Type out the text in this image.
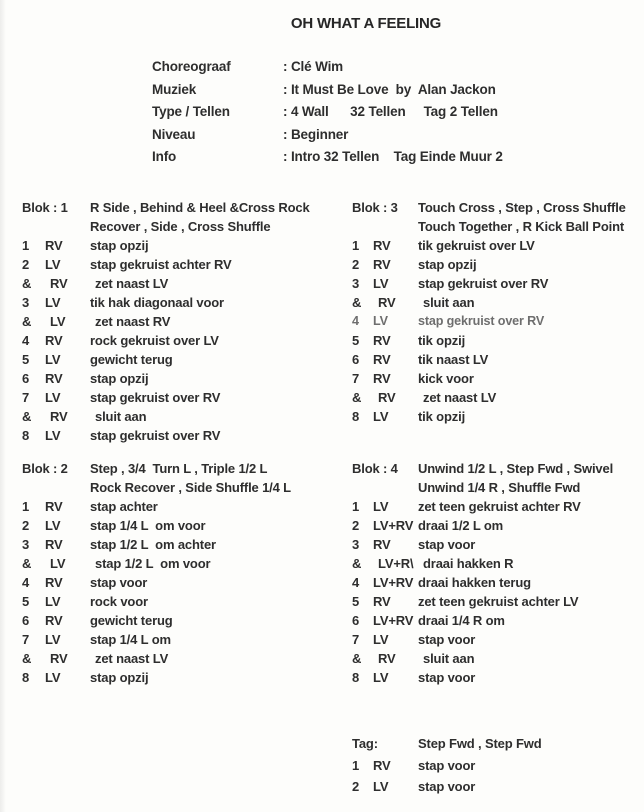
OH WHAT A FEELING
Choreograaf	: Clé Wim
Muziek	: It Must Be Love  by  Alan Jackon
Type / Tellen	: 4 Wall      32 Tellen     Tag 2 Tellen
Niveau	: Beginner
Info	: Intro 32 Tellen    Tag Einde Muur 2
Blok : 1	R Side , Behind & Heel &Cross Rock
Recover , Side , Cross Shuffle
1	RV	stap opzij
2	LV	stap gekruist achter RV
&	RV	zet naast LV
3	LV	tik hak diagonaal voor
&	LV	zet naast RV
4	RV	rock gekruist over LV
5	LV	gewicht terug
6	RV	stap opzij
7	LV	stap gekruist over RV
&	RV	sluit aan
8	LV	stap gekruist over RV
Blok : 2	Step , 3/4  Turn L , Triple 1/2 L
Rock Recover , Side Shuffle 1/4 L
1	RV	stap achter
2	LV	stap 1/4 L  om voor
3	RV	stap 1/2 L  om achter
&	LV	stap 1/2 L  om voor
4	RV	stap voor
5	LV	rock voor
6	RV	gewicht terug
7	LV	stap 1/4 L om
&	RV	zet naast LV
8	LV	stap opzij
Blok : 3	Touch Cross , Step , Cross Shuffle
Touch Together , R Kick Ball Point
1	RV	tik gekruist over LV
2	RV	stap opzij
3	LV	stap gekruist over RV
&	RV	sluit aan
4	LV	stap gekruist over RV
5	RV	tik opzij
6	RV	tik naast LV
7	RV	kick voor
&	RV	zet naast LV
8	LV	tik opzij
Blok : 4	Unwind 1/2 L , Step Fwd , Swivel
Unwind 1/4 R , Shuffle Fwd
1	LV	zet teen gekruist achter RV
2	LV+RV draai 1/2 L om
3	RV	stap voor
&	LV+R\ draai hakken R
4	LV+RV draai hakken terug
5	RV	zet teen gekruist achter LV
6	LV+RV draai 1/4 R om
7	LV	stap voor
&	RV	sluit aan
8	LV	stap voor
Tag:	Step Fwd , Step Fwd
1	RV	stap voor
2	LV	stap voor
